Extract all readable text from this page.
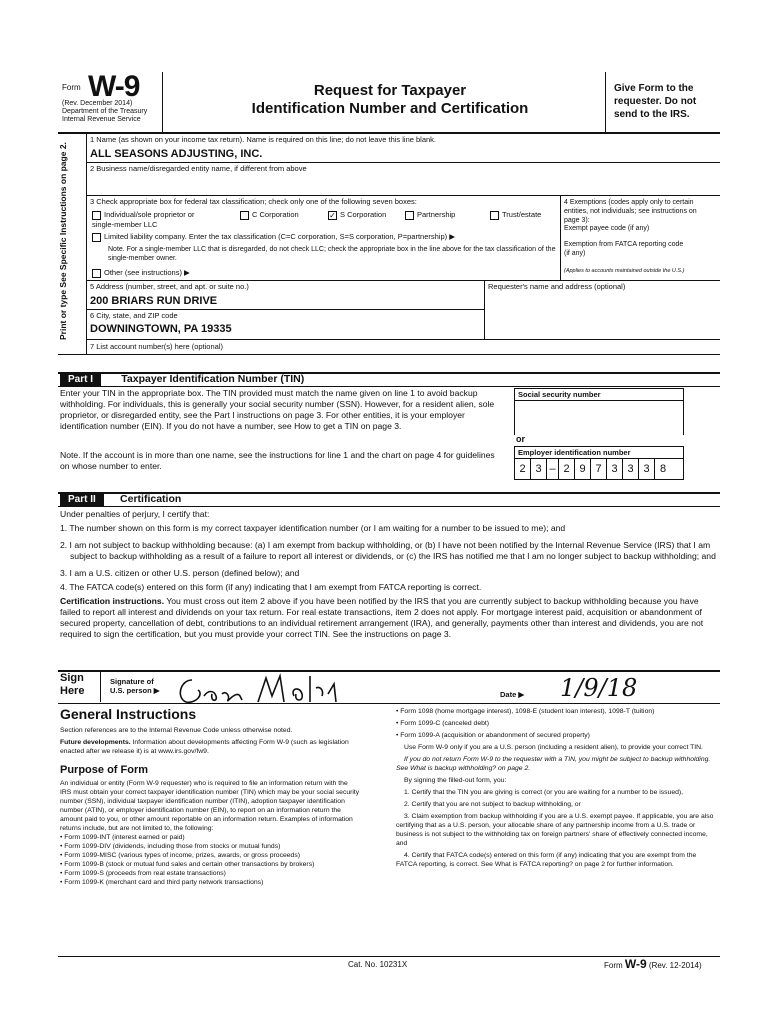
Form W-9
(Rev. December 2014)
Department of the Treasury
Internal Revenue Service
Request for Taxpayer
Identification Number and Certification
Give Form to the
requester. Do not
send to the IRS.
Print or type See Specific Instructions on page 2.
1 Name (as shown on your income tax return). Name is required on this line; do not leave this line blank.
ALL SEASONS ADJUSTING, INC.
2 Business name/disregarded entity name, if different from above
3 Check appropriate box for federal tax classification; check only one of the following seven boxes:
Individual/sole proprietor or single-member LLC
C Corporation	✓ S Corporation	Partnership	Trust/estate
Limited liability company. Enter the tax classification (C=C corporation, S=S corporation, P=partnership) ▶
Note. For a single-member LLC that is disregarded, do not check LLC; check the appropriate box in the line above for the tax classification of the single-member owner.
Other (see instructions) ▶
4 Exemptions (codes apply only to certain entities, not individuals; see instructions on page 3):
Exempt payee code (if any)
Exemption from FATCA reporting code (if any)
(Applies to accounts maintained outside the U.S.)
5 Address (number, street, and apt. or suite no.)
200 BRIARS RUN DRIVE
Requester's name and address (optional)
6 City, state, and ZIP code
DOWNINGTOWN, PA 19335
7 List account number(s) here (optional)
Part I	Taxpayer Identification Number (TIN)
Enter your TIN in the appropriate box. The TIN provided must match the name given on line 1 to avoid backup withholding. For individuals, this is generally your social security number (SSN). However, for a resident alien, sole proprietor, or disregarded entity, see the Part I instructions on page 3. For other entities, it is your employer identification number (EIN). If you do not have a number, see How to get a TIN on page 3.
Note. If the account is in more than one name, see the instructions for line 1 and the chart on page 4 for guidelines on whose number to enter.
Social security number
or
Employer identification number
2 3 – 2 9 7 3 3 3 8
Part II Certification
Under penalties of perjury, I certify that:
1. The number shown on this form is my correct taxpayer identification number (or I am waiting for a number to be issued to me); and
2. I am not subject to backup withholding because: (a) I am exempt from backup withholding, or (b) I have not been notified by the Internal Revenue Service (IRS) that I am subject to backup withholding as a result of a failure to report all interest or dividends, or (c) the IRS has notified me that I am no longer subject to backup withholding; and
3. I am a U.S. citizen or other U.S. person (defined below); and
4. The FATCA code(s) entered on this form (if any) indicating that I am exempt from FATCA reporting is correct.
Certification instructions. You must cross out item 2 above if you have been notified by the IRS that you are currently subject to backup withholding because you have failed to report all interest and dividends on your tax return. For real estate transactions, item 2 does not apply. For mortgage interest paid, acquisition or abandonment of secured property, cancellation of debt, contributions to an individual retirement arrangement (IRA), and generally, payments other than interest and dividends, you are not required to sign the certification, but you must provide your correct TIN. See the instructions on page 3.
Sign
Here
Signature of
U.S. person ▶	Date ▶ 1/9/18
General Instructions
Section references are to the Internal Revenue Code unless otherwise noted.
Future developments. Information about developments affecting Form W-9 (such as legislation enacted after we release it) is at www.irs.gov/fw9.
Purpose of Form
An individual or entity (Form W-9 requester) who is required to file an information return with the IRS must obtain your correct taxpayer identification number (TIN) which may be your social security number (SSN), individual taxpayer identification number (ITIN), adoption taxpayer identification number (ATIN), or employer identification number (EIN), to report on an information return the amount paid to you, or other amount reportable on an information return. Examples of information returns include, but are not limited to, the following:
• Form 1099-INT (interest earned or paid)
• Form 1099-DIV (dividends, including those from stocks or mutual funds)
• Form 1099-MISC (various types of income, prizes, awards, or gross proceeds)
• Form 1099-B (stock or mutual fund sales and certain other transactions by brokers)
• Form 1099-S (proceeds from real estate transactions)
• Form 1099-K (merchant card and third party network transactions)
• Form 1098 (home mortgage interest), 1098-E (student loan interest), 1098-T (tuition)
• Form 1099-C (canceled debt)
• Form 1099-A (acquisition or abandonment of secured property)
Use Form W-9 only if you are a U.S. person (including a resident alien), to provide your correct TIN.
If you do not return Form W-9 to the requester with a TIN, you might be subject to backup withholding. See What is backup withholding? on page 2.
By signing the filled-out form, you:
1. Certify that the TIN you are giving is correct (or you are waiting for a number to be issued),
2. Certify that you are not subject to backup withholding, or
3. Claim exemption from backup withholding if you are a U.S. exempt payee. If applicable, you are also certifying that as a U.S. person, your allocable share of any partnership income from a U.S. trade or business is not subject to the withholding tax on foreign partners' share of effectively connected income, and
4. Certify that FATCA code(s) entered on this form (if any) indicating that you are exempt from the FATCA reporting, is correct. See What is FATCA reporting? on page 2 for further information.
Cat. No. 10231X	Form W-9 (Rev. 12-2014)
